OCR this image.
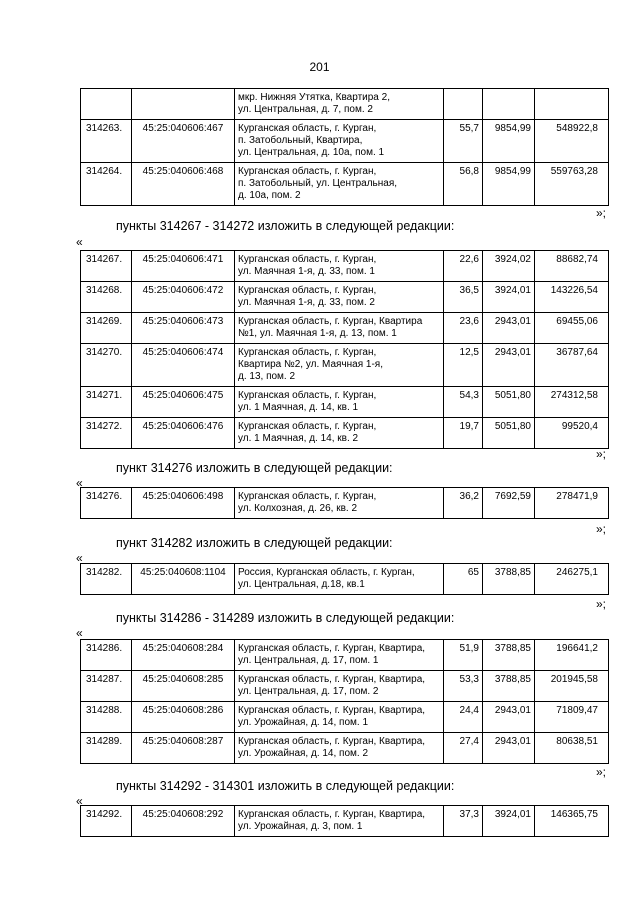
201
		мкр. Нижняя Утятка, Квартира 2,
ул. Центральная, д. 7, пом. 2			
314263.	45:25:040606:467	Курганская область, г. Курган,
п. Затобольный, Квартира,
ул. Центральная, д. 10а, пом. 1	55,7	9854,99	548922,8
314264.	45:25:040606:468	Курганская область, г. Курган,
п. Затобольный, ул. Центральная,
д. 10а, пом. 2	56,8	9854,99	559763,28
314267.	45:25:040606:471	Курганская область, г. Курган,
ул. Маячная 1-я, д. 33, пом. 1	22,6	3924,02	88682,74
314268.	45:25:040606:472	Курганская область, г. Курган,
ул. Маячная 1-я, д. 33, пом. 2	36,5	3924,01	143226,54
314269.	45:25:040606:473	Курганская область, г. Курган, Квартира
№1, ул. Маячная 1-я, д. 13, пом. 1	23,6	2943,01	69455,06
314270.	45:25:040606:474	Курганская область, г. Курган,
Квартира №2, ул. Маячная 1-я,
д. 13, пом. 2	12,5	2943,01	36787,64
314271.	45:25:040606:475	Курганская область, г. Курган,
ул. 1 Маячная, д. 14, кв. 1	54,3	5051,80	274312,58
314272.	45:25:040606:476	Курганская область, г. Курган,
ул. 1 Маячная, д. 14, кв. 2	19,7	5051,80	99520,4
314276.	45:25:040606:498	Курганская область, г. Курган,
ул. Колхозная, д. 26, кв. 2	36,2	7692,59	278471,9
314282.	45:25:040608:1104	Россия, Курганская область, г. Курган,
ул. Центральная, д.18, кв.1	65	3788,85	246275,1
314286.	45:25:040608:284	Курганская область, г. Курган, Квартира,
ул. Центральная, д. 17, пом. 1	51,9	3788,85	196641,2
314287.	45:25:040608:285	Курганская область, г. Курган, Квартира,
ул. Центральная, д. 17, пом. 2	53,3	3788,85	201945,58
314288.	45:25:040608:286	Курганская область, г. Курган, Квартира,
ул. Урожайная, д. 14, пом. 1	24,4	2943,01	71809,47
314289.	45:25:040608:287	Курганская область, г. Курган, Квартира,
ул. Урожайная, д. 14, пом. 2	27,4	2943,01	80638,51
314292.	45:25:040608:292	Курганская область, г. Курган, Квартира,
ул. Урожайная, д. 3, пом. 1	37,3	3924,01	146365,75
»;
»;
»;
»;
»;
пункты 314267 - 314272 изложить в следующей редакции:
пункт 314276 изложить в следующей редакции:
пункт 314282 изложить в следующей редакции:
пункты 314286 - 314289 изложить в следующей редакции:
пункты 314292 - 314301 изложить в следующей редакции:
«
«
«
«
«
